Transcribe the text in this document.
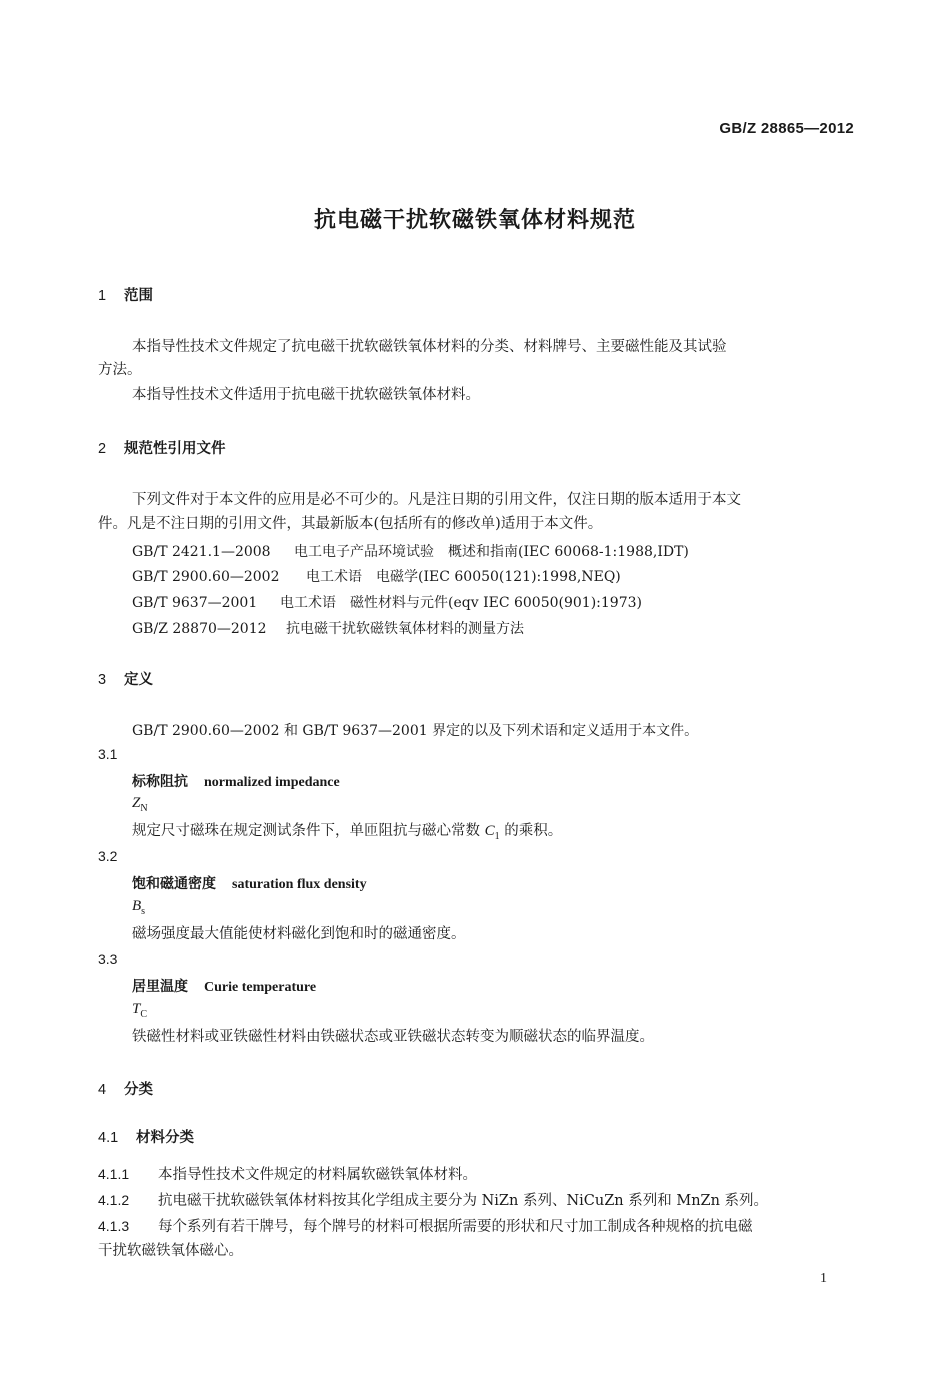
GB/Z 28865—2012
抗电磁干扰软磁铁氧体材料规范
1 范围
本指导性技术文件规定了抗电磁干扰软磁铁氧体材料的分类、材料牌号、主要磁性能及其试验
方法。
本指导性技术文件适用于抗电磁干扰软磁铁氧体材料。
2 规范性引用文件
下列文件对于本文件的应用是必不可少的。凡是注日期的引用文件，仅注日期的版本适用于本文
件。凡是不注日期的引用文件，其最新版本(包括所有的修改单)适用于本文件。
GB/T 2421.1—2008 电工电子产品环境试验　概述和指南(IEC 60068-1:1988,IDT)
GB/T 2900.60—2002 电工术语　电磁学(IEC 60050(121):1998,NEQ)
GB/T 9637—2001 电工术语　磁性材料与元件(eqv IEC 60050(901):1973)
GB/Z 28870—2012 抗电磁干扰软磁铁氧体材料的测量方法
3 定义
GB/T 2900.60—2002 和 GB/T 9637—2001 界定的以及下列术语和定义适用于本文件。
3.1
标称阻抗 normalized impedance
$Z_N$
规定尺寸磁珠在规定测试条件下，单匝阻抗与磁心常数 $C_1$ 的乘积。
3.2
饱和磁通密度 saturation flux density
$B_s$
磁场强度最大值能使材料磁化到饱和时的磁通密度。
3.3
居里温度 Curie temperature
$T_C$
铁磁性材料或亚铁磁性材料由铁磁状态或亚铁磁状态转变为顺磁状态的临界温度。
4 分类
4.1 材料分类
4.1.1 本指导性技术文件规定的材料属软磁铁氧体材料。
4.1.2 抗电磁干扰软磁铁氧体材料按其化学组成主要分为 NiZn 系列、NiCuZn 系列和 MnZn 系列。
4.1.3 每个系列有若干牌号，每个牌号的材料可根据所需要的形状和尺寸加工制成各种规格的抗电磁
干扰软磁铁氧体磁心。
1
